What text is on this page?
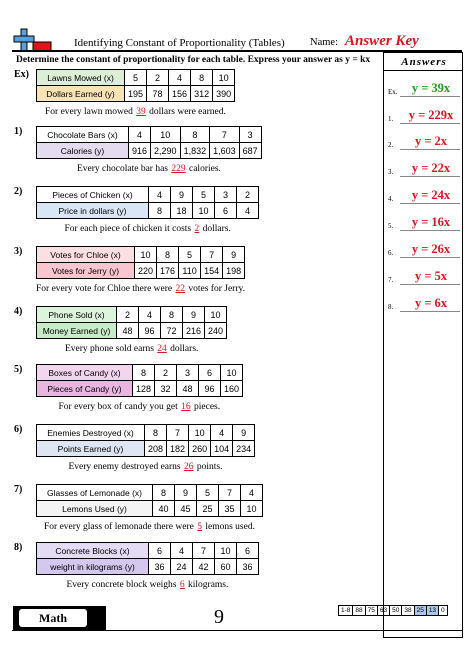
Identifying Constant of Proportionality (Tables) Name: Answer Key
Determine the constant of proportionality for each table. Express your answer as y = kx	Answers
Ex.	y = 39x
1.	y = 229x
2.	y = 2x
3.	y = 22x
4.	y = 24x
5.	y = 16x
6.	y = 26x
7.	y = 5x
8.	y = 6x
Ex) Lawns Mowed (x)	5	2	4	8	10
Dollars Earned (y)	195	78	156	312	390
For every lawn mowed 39 dollars were earned.
1)	Chocolate Bars (x)	4	10	8	7	3
Calories (y)	916	2,290	1,832	1,603	687
Every chocolate bar has 229 calories.
2)	Pieces of Chicken (x)	4	9	5	3	2
Price in dollars (y)	8	18	10	6	4
For each piece of chicken it costs 2 dollars.
3)	Votes for Chloe (x)	10	8	5	7	9
Votes for Jerry (y)	220	176	110	154	198
For every vote for Chloe there were 22 votes for Jerry.
4)	Phone Sold (x)	2	4	8	9	10
Money Earned (y)	48	96	72	216	240
Every phone sold earns 24 dollars.
5)	Boxes of Candy (x)	8	2	3	6	10
Pieces of Candy (y)	128	32	48	96	160
For every box of candy you get 16 pieces.
6)	Enemies Destroyed (x)	8	7	10	4	9
Points Earned (y)	208	182	260	104	234
Every enemy destroyed earns 26 points.
7)	Glasses of Lemonade (x)	8	9	5	7	4
Lemons Used (y)	40	45	25	35	10
For every glass of lemonade there were 5 lemons used.
8)	Concrete Blocks (x)	6	4	7	10	6
weight in kilograms (y)	36	24	42	60	36
Every concrete block weighs 6 kilograms.
Math	9	1-8	88	75	63	50	38	25	13	0
